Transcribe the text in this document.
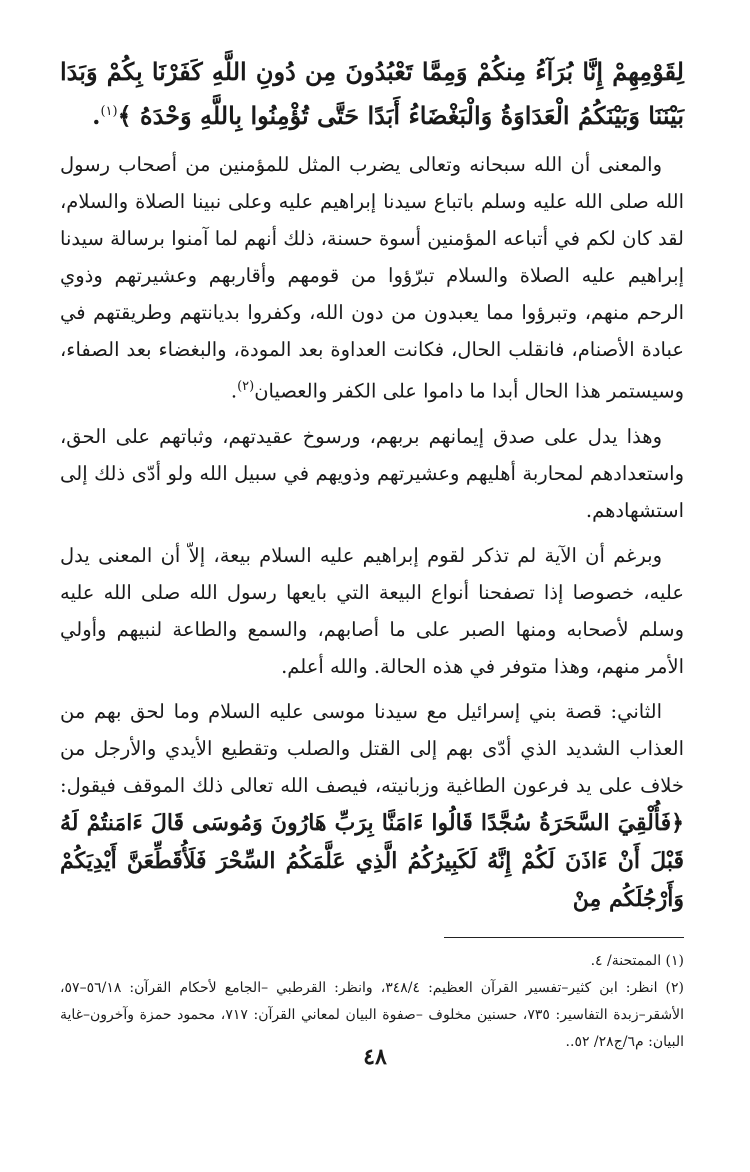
لِقَوْمِهِمْ إِنَّا بُرَآءُ مِنكُمْ وَمِمَّا تَعْبُدُونَ مِن دُونِ اللَّهِ كَفَرْنَا بِكُمْ وَبَدَا بَيْنَنَا وَبَيْنَكُمُ الْعَدَاوَةُ وَالْبَغْضَاءُ أَبَدًا حَتَّى تُؤْمِنُوا بِاللَّهِ وَحْدَهُ ﴾$^{(١)}$.

والمعنى أن الله سبحانه وتعالى يضرب المثل للمؤمنين من أصحاب رسول الله صلى الله عليه وسلم باتباع سيدنا إبراهيم عليه وعلى نبينا الصلاة والسلام، لقد كان لكم في أتباعه المؤمنين أسوة حسنة، ذلك أنهم لما آمنوا برسالة سيدنا إبراهيم عليه الصلاة والسلام تبرّؤوا من قومهم وأقاربهم وعشيرتهم وذوي الرحم منهم، وتبرؤوا مما يعبدون من دون الله، وكفروا بديانتهم وطريقتهم في عبادة الأصنام، فانقلب الحال، فكانت العداوة بعد المودة، والبغضاء بعد الصفاء، وسيستمر هذا الحال أبدا ما داموا على الكفر والعصيان$^{(٢)}$.

وهذا يدل على صدق إيمانهم بربهم، ورسوخ عقيدتهم، وثباتهم على الحق، واستعدادهم لمحاربة أهليهم وعشيرتهم وذويهم في سبيل الله ولو أدّى ذلك إلى استشهادهم.

وبرغم أن الآية لم تذكر لقوم إبراهيم عليه السلام بيعة، إلاّ أن المعنى يدل عليه، خصوصا إذا تصفحنا أنواع البيعة التي بايعها رسول الله صلى الله عليه وسلم لأصحابه ومنها الصبر على ما أصابهم، والسمع والطاعة لنبيهم وأولي الأمر منهم، وهذا متوفر في هذه الحالة. والله أعلم.

الثاني: قصة بني إسرائيل مع سيدنا موسى عليه السلام وما لحق بهم من العذاب الشديد الذي أدّى بهم إلى القتل والصلب وتقطيع الأيدي والأرجل من خلاف على يد فرعون الطاغية وزبانيته، فيصف الله تعالى ذلك الموقف فيقول: ﴿فَأُلْقِيَ السَّحَرَةُ سُجَّدًا قَالُوا ءَامَنَّا بِرَبِّ هَارُونَ وَمُوسَى قَالَ ءَامَنتُمْ لَهُ قَبْلَ أَنْ ءَاذَنَ لَكُمْ إِنَّهُ لَكَبِيرُكُمُ الَّذِي عَلَّمَكُمُ السِّحْرَ فَلَأُقَطِّعَنَّ أَيْدِيَكُمْ وَأَرْجُلَكُم مِنْ

(١) الممتحنة/ ٤.
(٢) انظر: ابن كثير–تفسير القرآن العظيم: ٣٤٨/٤، وانظر: القرطبي –الجامع لأحكام القرآن: ٥٦/١٨–٥٧، الأشقر–زبدة التفاسير: ٧٣٥، حسنين مخلوف –صفوة البيان لمعاني القرآن: ٧١٧، محمود حمزة وآخرون–غاية البيان: م٦/ج٢٨/ ٥٢..
٤٨
